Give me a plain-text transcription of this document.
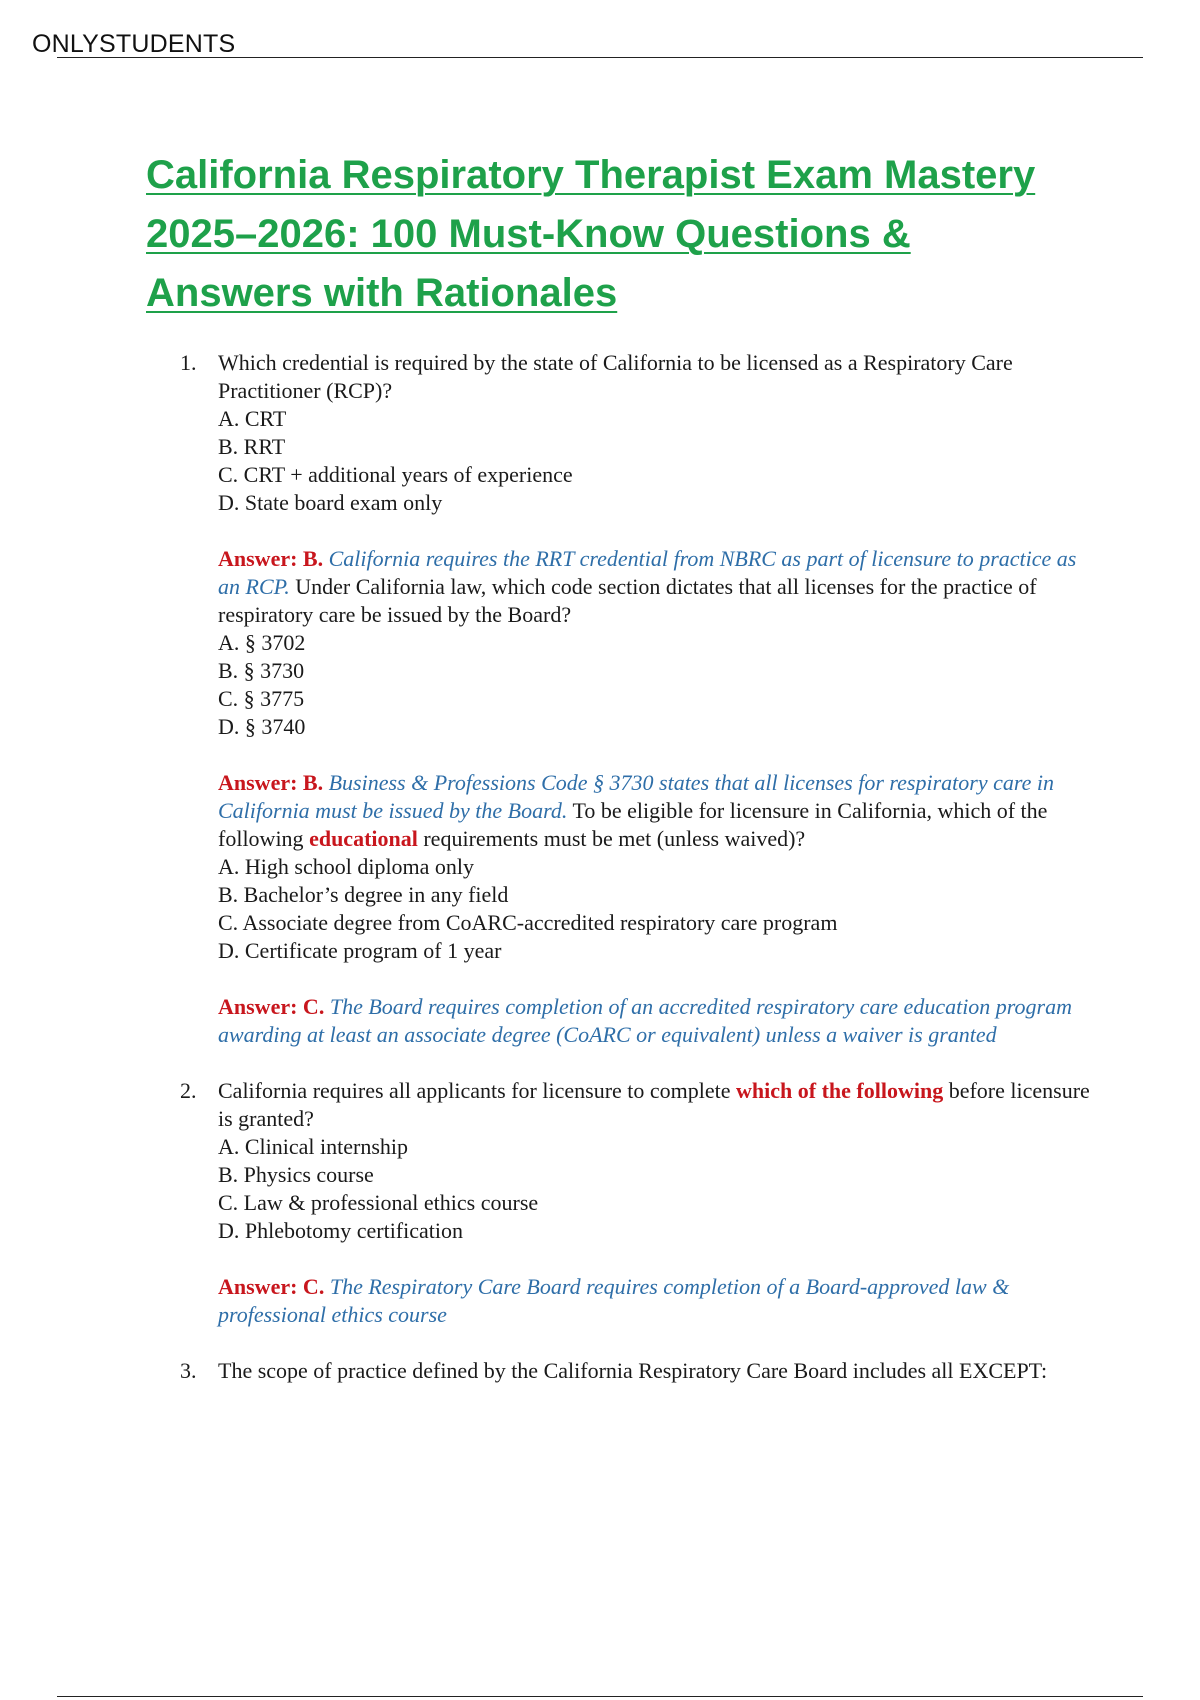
ONLYSTUDENTS
California Respiratory Therapist Exam Mastery
2025–2026: 100 Must-Know Questions &
Answers with Rationales
1. Which credential is required by the state of California to be licensed as a Respiratory Care Practitioner (RCP)?
A. CRT
B. RRT
C. CRT + additional years of experience
D. State board exam only
Answer: B. California requires the RRT credential from NBRC as part of licensure to practice as an RCP. Under California law, which code section dictates that all licenses for the practice of respiratory care be issued by the Board?
A. § 3702
B. § 3730
C. § 3775
D. § 3740
Answer: B. Business & Professions Code § 3730 states that all licenses for respiratory care in California must be issued by the Board. To be eligible for licensure in California, which of the following educational requirements must be met (unless waived)?
A. High school diploma only
B. Bachelor’s degree in any field
C. Associate degree from CoARC-accredited respiratory care program
D. Certificate program of 1 year
Answer: C. The Board requires completion of an accredited respiratory care education program awarding at least an associate degree (CoARC or equivalent) unless a waiver is granted
2. California requires all applicants for licensure to complete which of the following before licensure is granted?
A. Clinical internship
B. Physics course
C. Law & professional ethics course
D. Phlebotomy certification
Answer: C. The Respiratory Care Board requires completion of a Board-approved law & professional ethics course
3. The scope of practice defined by the California Respiratory Care Board includes all EXCEPT:
